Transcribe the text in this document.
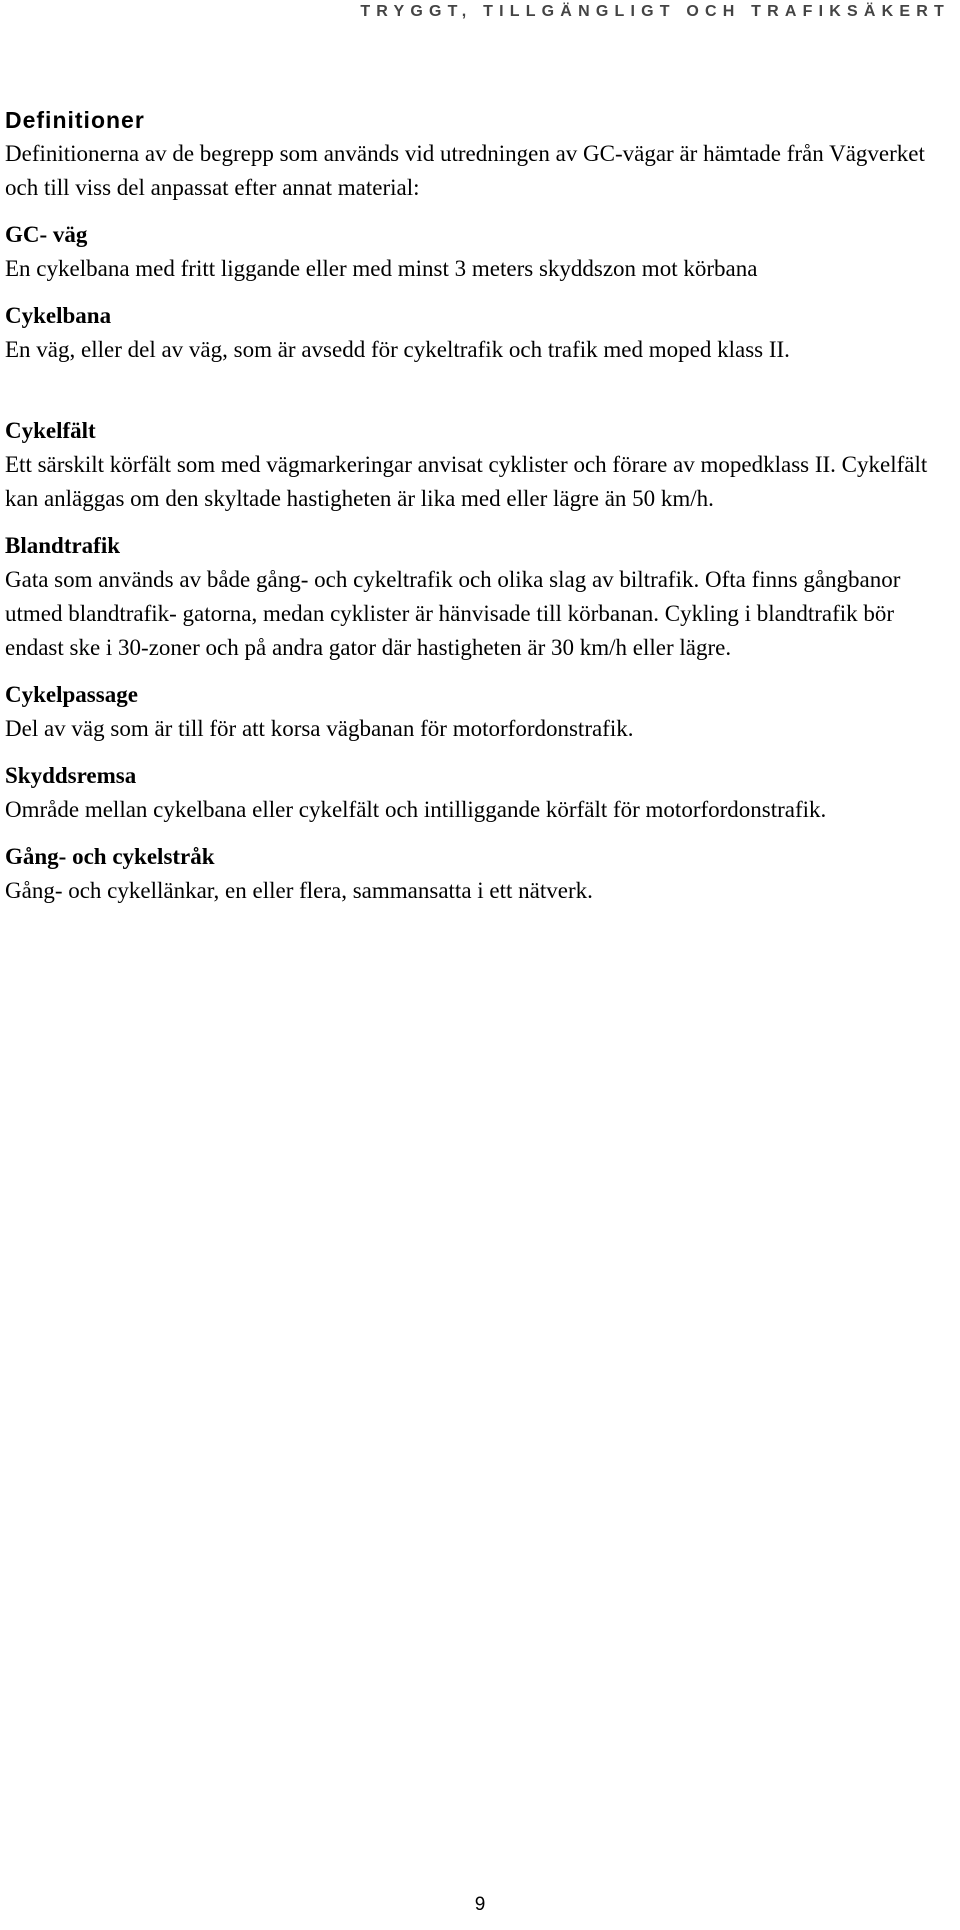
TRYGGT, TILLGÄNGLIGT OCH TRAFIKSÄKERT
Definitioner

Definitionerna av de begrepp som används vid utredningen av GC-vägar är hämtade från Vägverket och till viss del anpassat efter annat material:

GC- väg

En cykelbana med fritt liggande eller med minst 3 meters skyddszon mot körbana

Cykelbana

En väg, eller del av väg, som är avsedd för cykeltrafik och trafik med moped klass II.

Cykelfält

Ett särskilt körfält som med vägmarkeringar anvisat cyklister och förare av mopedklass II. Cykelfält kan anläggas om den skyltade hastigheten är lika med eller lägre än 50 km/h.

Blandtrafik

Gata som används av både gång- och cykeltrafik och olika slag av biltrafik. Ofta finns gångbanor utmed blandtrafik- gatorna, medan cyklister är hänvisade till körbanan. Cykling i blandtrafik bör endast ske i 30-zoner och på andra gator där hastigheten är 30 km/h eller lägre.

Cykelpassage

Del av väg som är till för att korsa vägbanan för motorfordonstrafik.

Skyddsremsa

Område mellan cykelbana eller cykelfält och intilliggande körfält för motorfordonstrafik.

Gång- och cykelstråk

Gång- och cykellänkar, en eller flera, sammansatta i ett nätverk.

9
